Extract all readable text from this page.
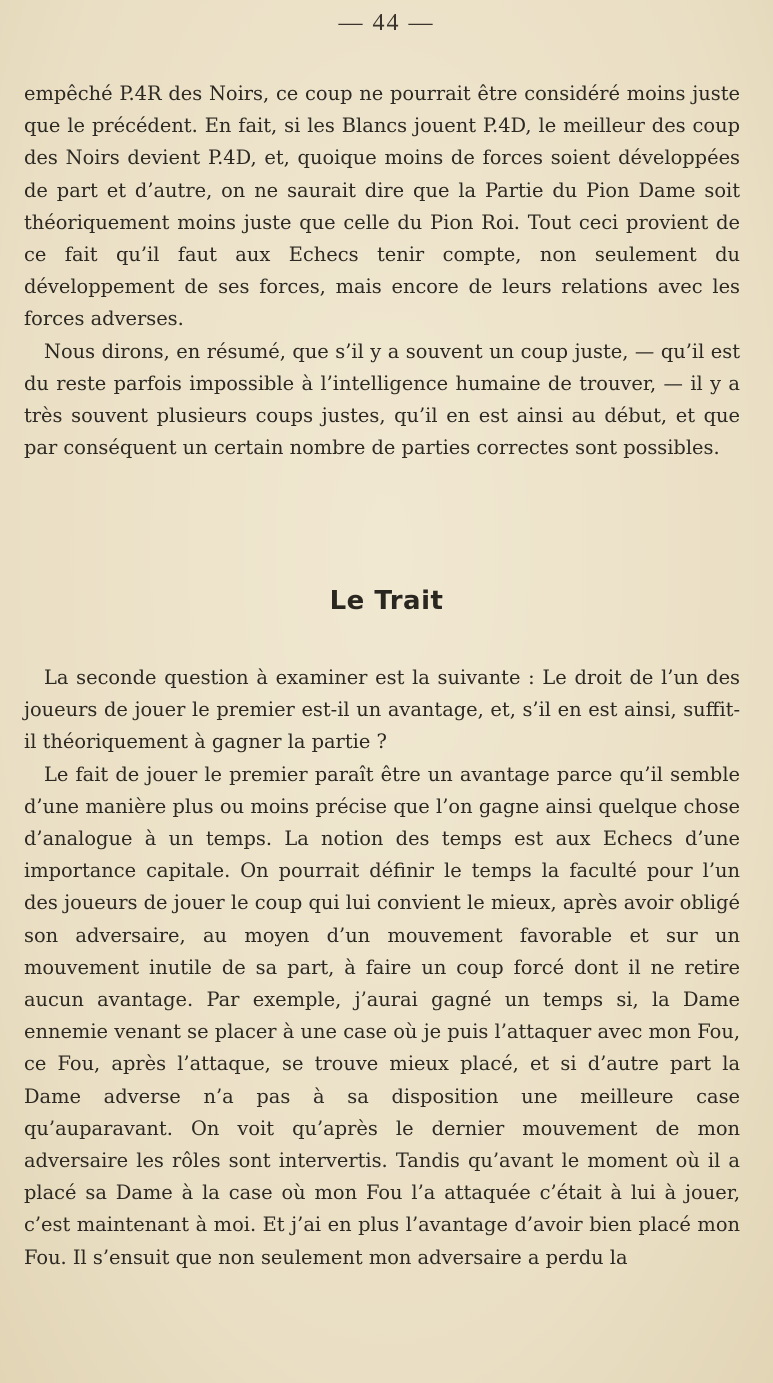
— 44 —

empêché P.4R des Noirs, ce coup ne pourrait être considéré moins juste que le précédent. En fait, si les Blancs jouent P.4D, le meilleur des coup des Noirs devient P.4D, et, quoique moins de forces soient développées de part et d’autre, on ne saurait dire que la Partie du Pion Dame soit théoriquement moins juste que celle du Pion Roi. Tout ceci provient de ce fait qu’il faut aux Echecs tenir compte, non seulement du développement de ses forces, mais encore de leurs relations avec les forces adverses.

Nous dirons, en résumé, que s’il y a souvent un coup juste, — qu’il est du reste parfois impossible à l’intelligence humaine de trouver, — il y a très souvent plusieurs coups justes, qu’il en est ainsi au début, et que par conséquent un certain nombre de parties correctes sont possibles.

Le Trait

La seconde question à examiner est la suivante : Le droit de l’un des joueurs de jouer le premier est-il un avantage, et, s’il en est ainsi, suffit-il théoriquement à gagner la partie ?

Le fait de jouer le premier paraît être un avantage parce qu’il semble d’une manière plus ou moins précise que l’on gagne ainsi quelque chose d’analogue à un temps. La notion des temps est aux Echecs d’une importance capitale. On pourrait définir le temps la faculté pour l’un des joueurs de jouer le coup qui lui convient le mieux, après avoir obligé son adversaire, au moyen d’un mouvement favorable et sur un mouvement inutile de sa part, à faire un coup forcé dont il ne retire aucun avantage. Par exemple, j’aurai gagné un temps si, la Dame ennemie venant se placer à une case où je puis l’attaquer avec mon Fou, ce Fou, après l’attaque, se trouve mieux placé, et si d’autre part la Dame adverse n’a pas à sa disposition une meilleure case qu’auparavant. On voit qu’après le dernier mouvement de mon adversaire les rôles sont intervertis. Tandis qu’avant le moment où il a placé sa Dame à la case où mon Fou l’a attaquée c’était à lui à jouer, c’est maintenant à moi. Et j’ai en plus l’avantage d’avoir bien placé mon Fou. Il s’ensuit que non seulement mon adversaire a perdu la
